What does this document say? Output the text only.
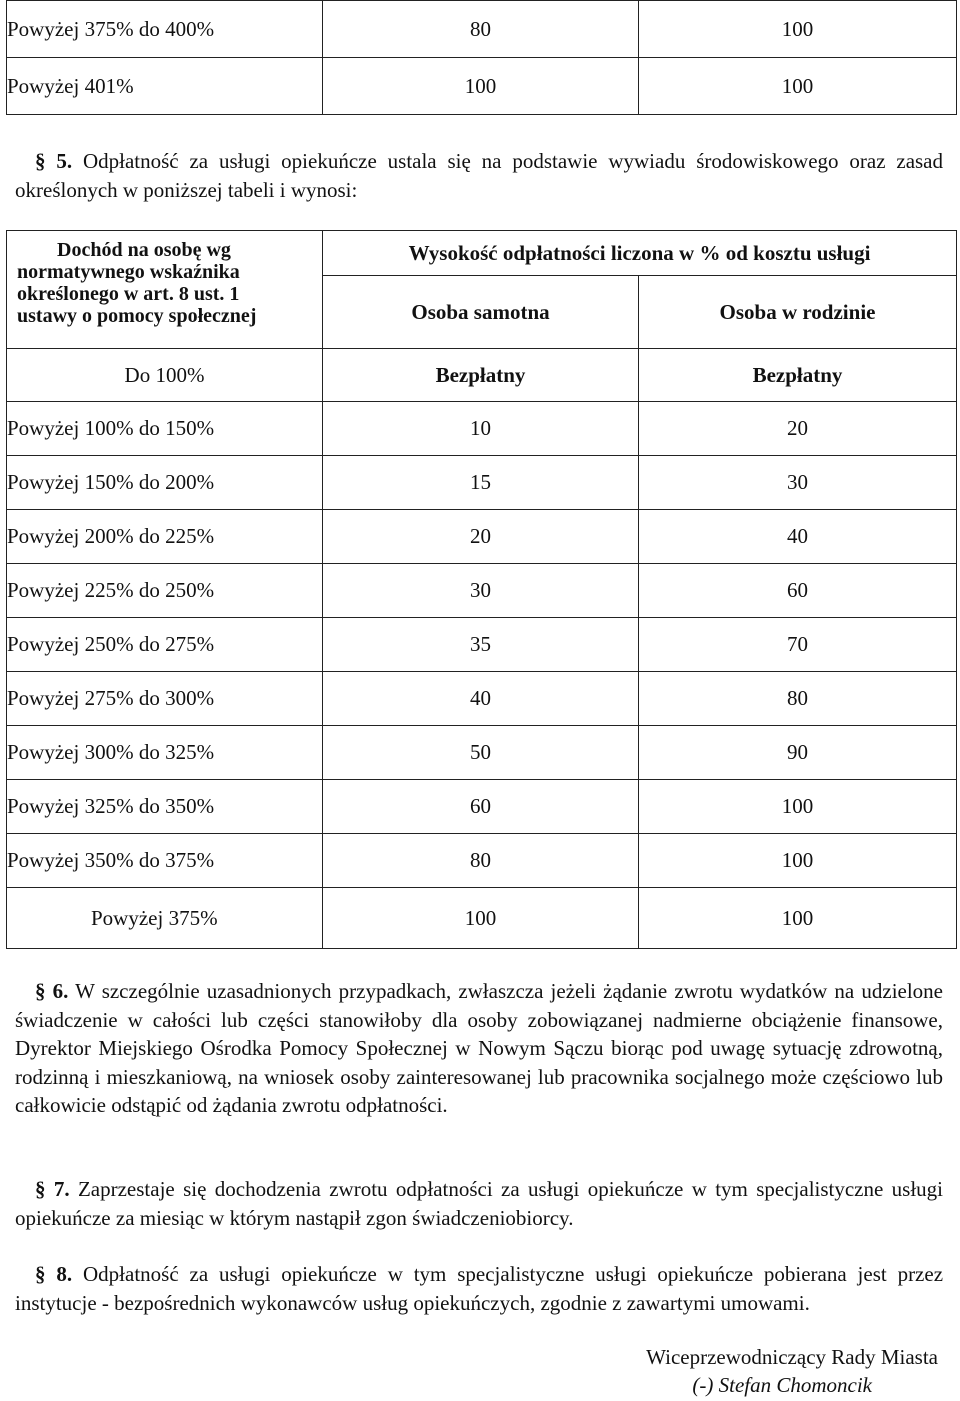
Powyżej 375% do 400%	80	100
Powyżej 401%	100	100
§ 5. Odpłatność za usługi opiekuńcze ustala się na podstawie wywiadu środowiskowego oraz zasad określonych w poniższej tabeli i wynosi:
Dochód na osobę wg
normatywnego wskaźnika
określonego w art. 8 ust. 1
ustawy o pomocy społecznej	Wysokość odpłatności liczona w % od kosztu usługi	
	Osoba samotna	Osoba w rodzinie
Do 100%	Bezpłatny	Bezpłatny
Powyżej 100% do 150%	10	20
Powyżej 150% do 200%	15	30
Powyżej 200% do 225%	20	40
Powyżej 225% do 250%	30	60
Powyżej 250% do 275%	35	70
Powyżej 275% do 300%	40	80
Powyżej 300% do 325%	50	90
Powyżej 325% do 350%	60	100
Powyżej 350% do 375%	80	100
Powyżej 375%	100	100
§ 6. W szczególnie uzasadnionych przypadkach, zwłaszcza jeżeli żądanie zwrotu wydatków na udzielone świadczenie w całości lub części stanowiłoby dla osoby zobowiązanej nadmierne obciążenie finansowe, Dyrektor Miejskiego Ośrodka Pomocy Społecznej w Nowym Sączu biorąc pod uwagę sytuację zdrowotną, rodzinną i mieszkaniową, na wniosek osoby zainteresowanej lub pracownika socjalnego może częściowo lub całkowicie odstąpić od żądania zwrotu odpłatności.
§ 7. Zaprzestaje się dochodzenia zwrotu odpłatności za usługi opiekuńcze w tym specjalistyczne usługi opiekuńcze za miesiąc w którym nastąpił zgon świadczeniobiorcy.
§ 8. Odpłatność za usługi opiekuńcze w tym specjalistyczne usługi opiekuńcze pobierana jest przez instytucje - bezpośrednich wykonawców usług opiekuńczych, zgodnie z zawartymi umowami.
Wiceprzewodniczący Rady Miasta
(-) Stefan Chomoncik
